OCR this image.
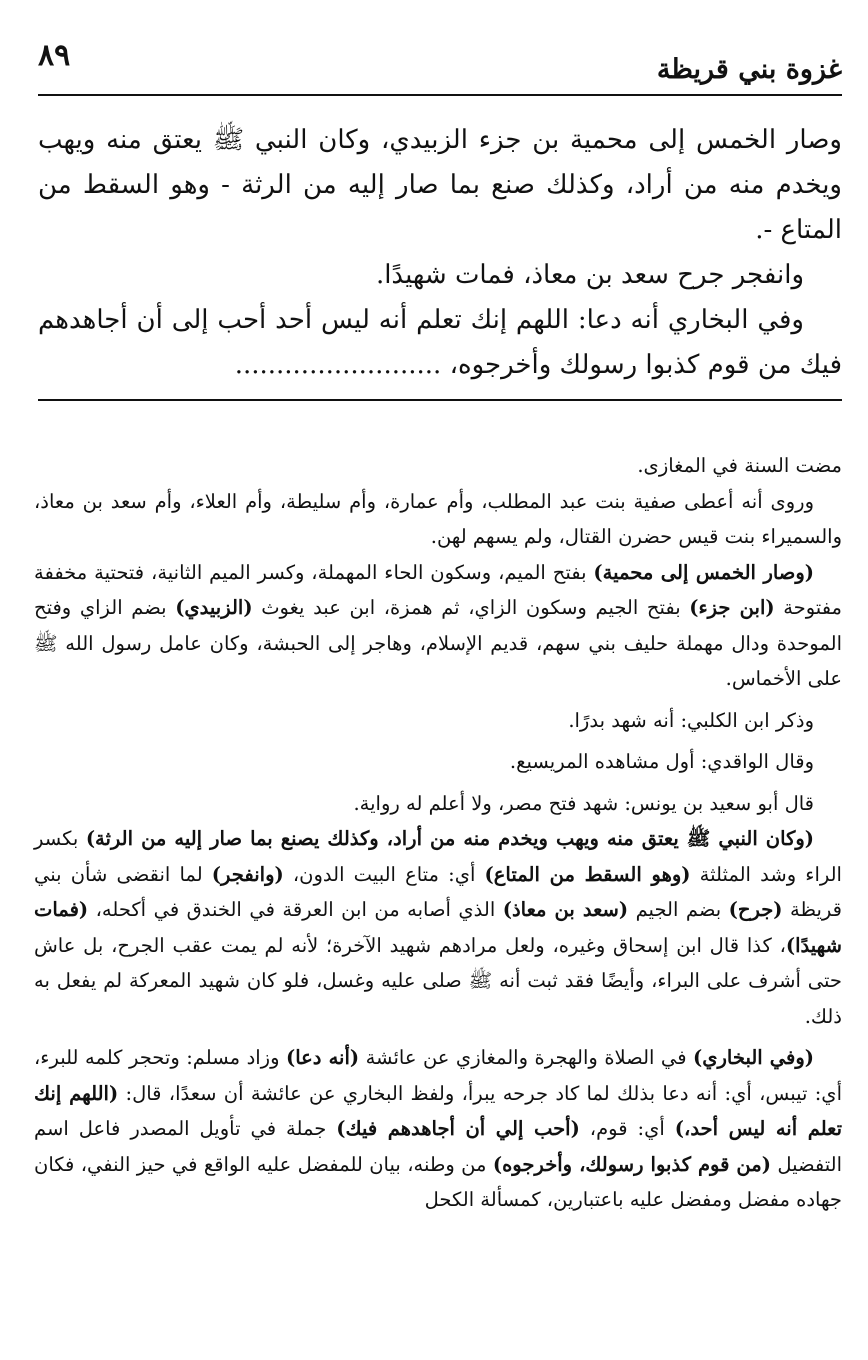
٨٩	غزوة بني قريظة

وصار الخمس إلى محمية بن جزء الزبيدي، وكان النبي ﷺ يعتق منه ويهب ويخدم منه من أراد، وكذلك صنع بما صار إليه من الرثة - وهو السقط من المتاع -.

وانفجر جرح سعد بن معاذ، فمات شهيدًا.

وفي البخاري أنه دعا: اللهم إنك تعلم أنه ليس أحد أحب إلى أن أجاهدهم فيك من قوم كذبوا رسولك وأخرجوه، .........................

مضت السنة في المغازى.

وروى أنه أعطى صفية بنت عبد المطلب، وأم عمارة، وأم سليطة، وأم العلاء، وأم سعد بن معاذ، والسميراء بنت قيس حضرن القتال، ولم يسهم لهن.

(وصار الخمس إلى محمية) بفتح الميم، وسكون الحاء المهملة، وكسر الميم الثانية، فتحتية مخففة مفتوحة (ابن جزء) بفتح الجيم وسكون الزاي، ثم همزة، ابن عبد يغوث (الزبيدي) بضم الزاي وفتح الموحدة ودال مهملة حليف بني سهم، قديم الإسلام، وهاجر إلى الحبشة، وكان عامل رسول الله ﷺ على الأخماس.

وذكر ابن الكلبي: أنه شهد بدرًا.

وقال الواقدي: أول مشاهده المريسيع.

قال أبو سعيد بن يونس: شهد فتح مصر، ولا أعلم له رواية.

(وكان النبي ﷺ يعتق منه ويهب ويخدم منه من أراد، وكذلك يصنع بما صار إليه من الرثة) بكسر الراء وشد المثلثة (وهو السقط من المتاع) أي: متاع البيت الدون، (وانفجر) لما انقضى شأن بني قريظة (جرح) بضم الجيم (سعد بن معاذ) الذي أصابه من ابن العرقة في الخندق في أكحله، (فمات شهيدًا)، كذا قال ابن إسحاق وغيره، ولعل مرادهم شهيد الآخرة؛ لأنه لم يمت عقب الجرح، بل عاش حتى أشرف على البراء، وأيضًا فقد ثبت أنه ﷺ صلى عليه وغسل، فلو كان شهيد المعركة لم يفعل به ذلك.

(وفي البخاري) في الصلاة والهجرة والمغازي عن عائشة (أنه دعا) وزاد مسلم: وتحجر كلمه للبرء، أي: تيبس، أي: أنه دعا بذلك لما كاد جرحه يبرأ، ولفظ البخاري عن عائشة أن سعدًا، قال: (اللهم إنك تعلم أنه ليس أحد،) أي: قوم، (أحب إلي أن أجاهدهم فيك) جملة في تأويل المصدر فاعل اسم التفضيل (من قوم كذبوا رسولك، وأخرجوه) من وطنه، بيان للمفضل عليه الواقع في حيز النفي، فكان جهاده مفضل ومفضل عليه باعتبارين، كمسألة الكحل
